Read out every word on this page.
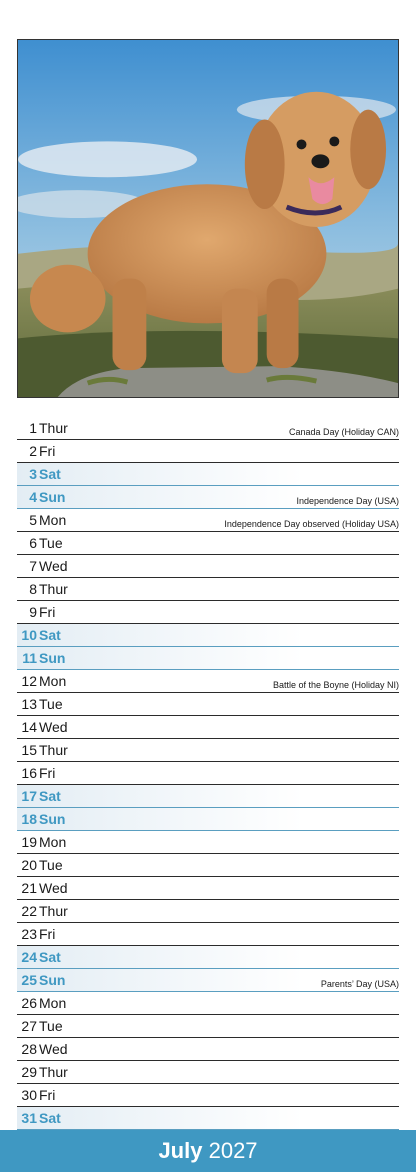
1 Thur	Canada Day (Holiday CAN)
2 Fri
3 Sat
4 Sun	Independence Day (USA)
5 Mon	Independence Day observed (Holiday USA)
6 Tue
7 Wed
8 Thur
9 Fri
10 Sat
11 Sun
12 Mon	Battle of the Boyne (Holiday NI)
13 Tue
14 Wed
15 Thur
16 Fri
17 Sat
18 Sun
19 Mon
20 Tue
21 Wed
22 Thur
23 Fri
24 Sat
25 Sun	Parents’ Day (USA)
26 Mon
27 Tue
28 Wed
29 Thur
30 Fri
31 Sat
July 2027
